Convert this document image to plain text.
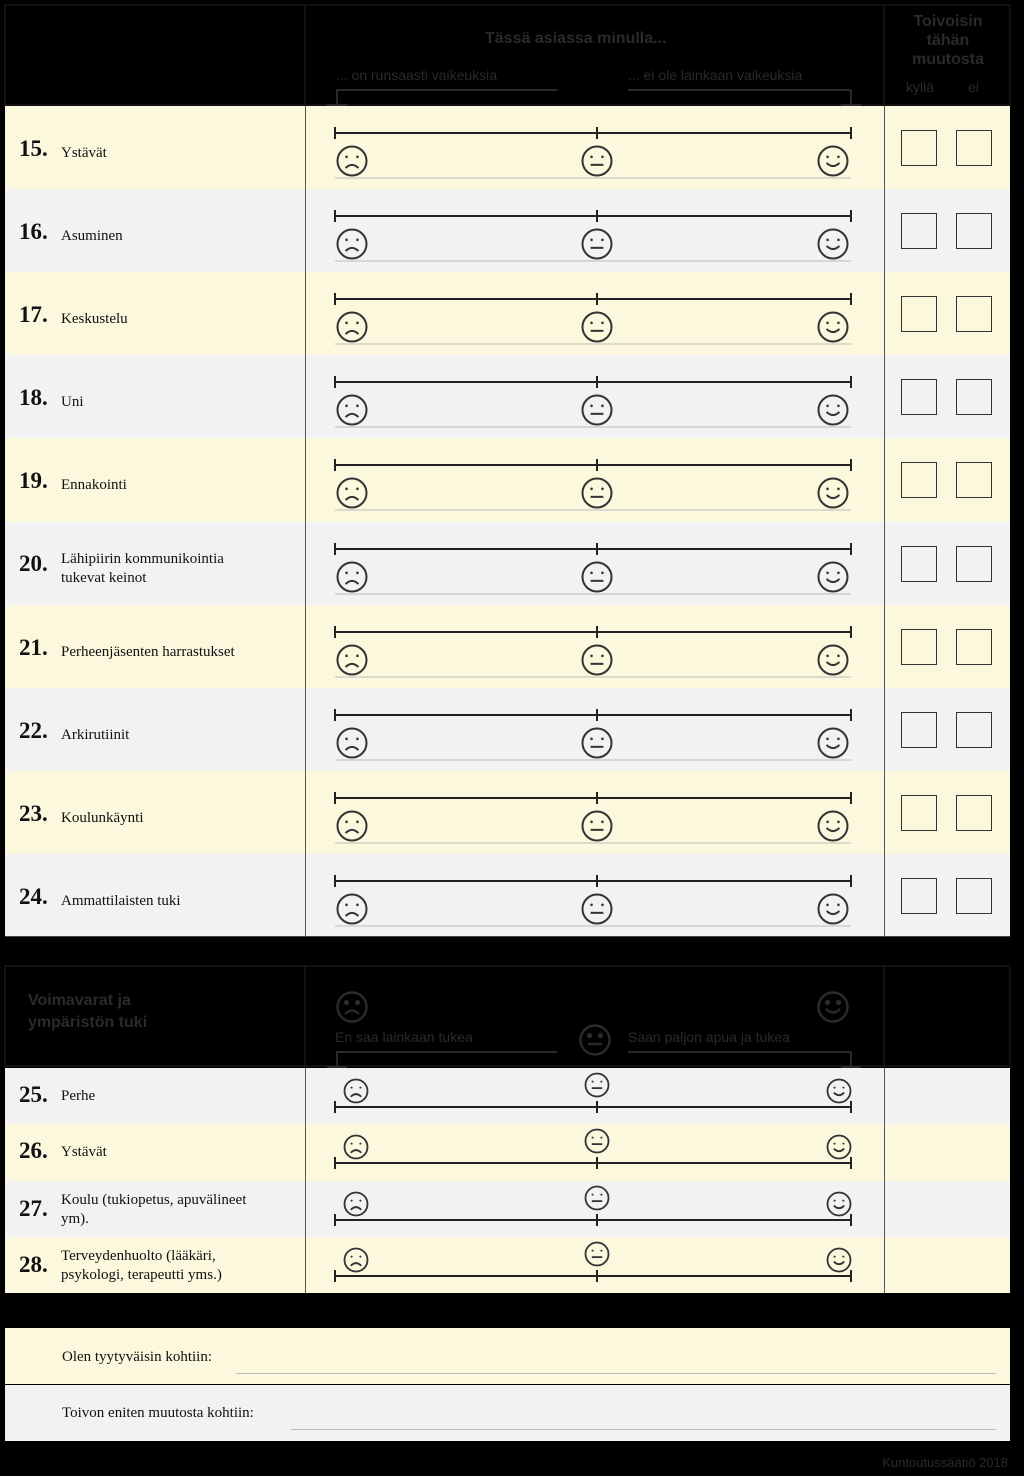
Tässä asiassa minulla...
... on runsaasti vaikeuksia	... ei ole lainkaan vaikeuksia
Toivoisin
tähän
muutosta
kyllä ei
15. Ystävät
16. Asuminen
17. Keskustelu
18. Uni
19. Ennakointi
20. Lähipiirin kommunikointia tukevat keinot
21. Perheenjäsenten harrastukset
22. Arkirutiinit
23. Koulunkäynti
24. Ammattilaisten tuki
Voimavarat ja ympäristön tuki
En saa lainkaan tukea	Saan paljon apua ja tukea
25. Perhe
26. Ystävät
27. Koulu (tukiopetus, apuvälineet ym).
28. Terveydenhuolto (lääkäri, psykologi, terapeutti yms.)
Olen tyytyväisin kohtiin:
Toivon eniten muutosta kohtiin:
Kuntoutussäätiö 2018
